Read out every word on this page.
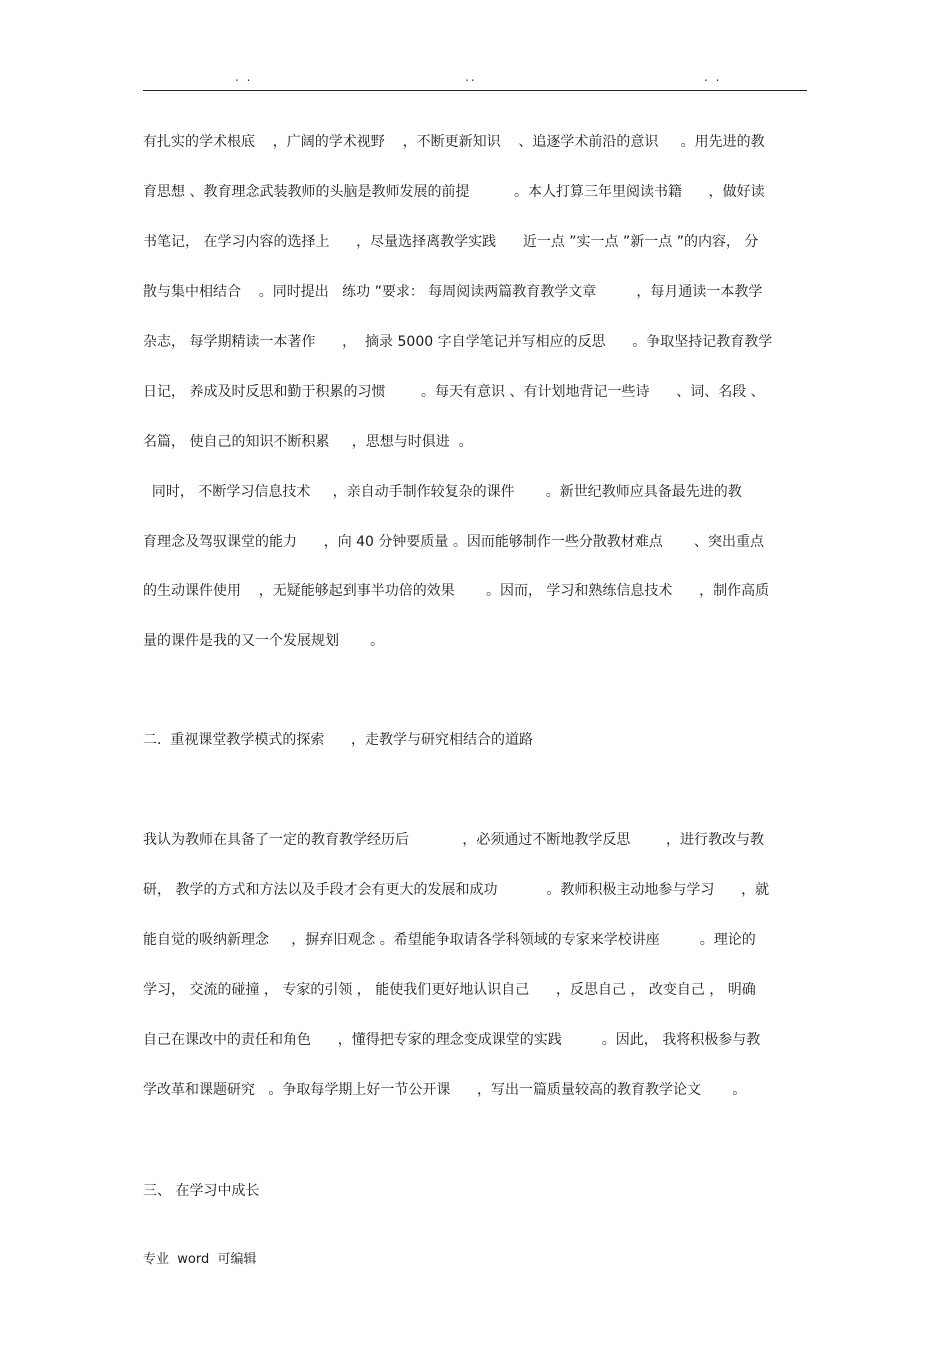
. .	..	. .
有扎实的学术根底    ，广阔的学术视野    ，不断更新知识    、追逐学术前沿的意识     。用先进的教
育思想 、教育理念武装教师的头脑是教师发展的前提          。本人打算三年里阅读书籍      ，做好读
书笔记， 在学习内容的选择上      ，尽量选择离教学实践      近一点 ”实一点 ”新一点 ”的内容， 分
散与集中相结合    。同时提出   练功 ”要求： 每周阅读两篇教育教学文章         ，每月通读一本教学
杂志， 每学期精读一本著作      ，  摘录 5000 字自学笔记并写相应的反思      。争取坚持记教育教学
日记， 养成及时反思和勤于积累的习惯        。每天有意识 、有计划地背记一些诗      、词、名段 、
名篇， 使自己的知识不断积累     ，思想与时俱进  。
同时， 不断学习信息技术     ，亲自动手制作较复杂的课件       。新世纪教师应具备最先进的教
育理念及驾驭课堂的能力      ，向 40 分钟要质量 。因而能够制作一些分散教材难点       、突出重点
的生动课件使用    ，无疑能够起到事半功倍的效果       。因而， 学习和熟练信息技术      ，制作高质
量的课件是我的又一个发展规划       。
二.  重视课堂教学模式的探索      ，走教学与研究相结合的道路
我认为教师在具备了一定的教育教学经历后            ，必须通过不断地教学反思        ，进行教改与教
研， 教学的方式和方法以及手段才会有更大的发展和成功           。教师积极主动地参与学习      ，就
能自觉的吸纳新理念     ，摒弃旧观念 。希望能争取请各学科领域的专家来学校讲座         。理论的
学习， 交流的碰撞 ， 专家的引领 ， 能使我们更好地认识自己      ，反思自己 ， 改变自己 ， 明确
自己在课改中的责任和角色      ，懂得把专家的理念变成课堂的实践         。因此， 我将积极参与教
学改革和课题研究   。争取每学期上好一节公开课      ，写出一篇质量较高的教育教学论文       。
三、 在学习中成长
专业  word  可编辑
